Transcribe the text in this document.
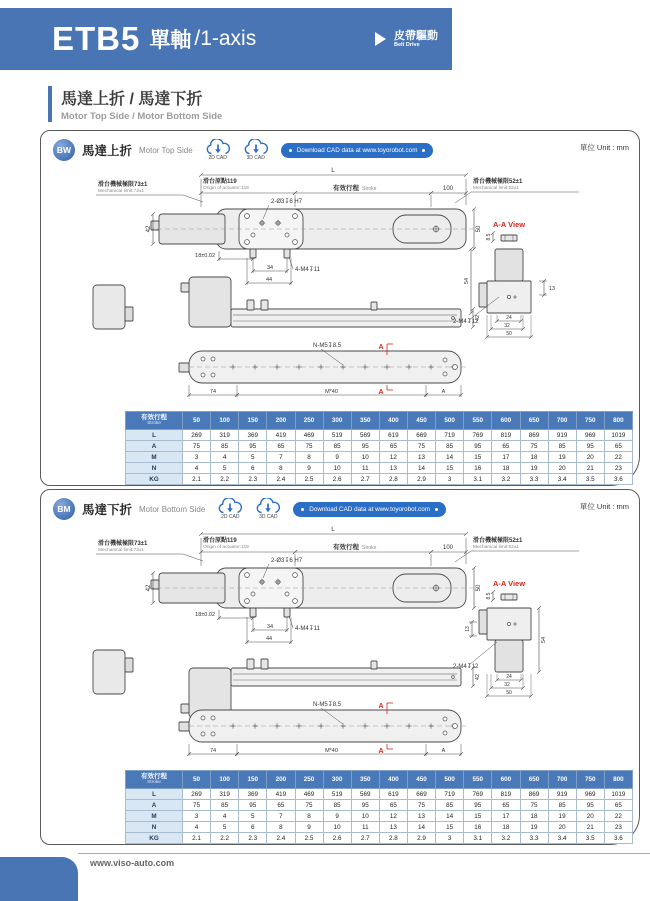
ETB5 單軸 /1-axis	皮帶驅動
Belt Drive
馬達上折 / 馬達下折
Motor Top Side / Motor Bottom Side
BW 馬達上折 Motor Top Side
2D CAD	3D CAD
Download CAD data at www.toyorobot.com	單位 Unit : mm
L
滑台原點119
Origin of actuator:119	有效行程 Stroke	100
滑台機械極限73±1
Mechanical limit:73±1
滑台機械極限52±1
Mechanical limit:52±1
42	50
2-Ø3↧6 H7
18±0.02
34
44
4-M4↧11
42
N-M5↧8.5	A
A
74	M*40	A
A-A View
8.5
54
13
2-M4↧12
24
32
50
有效行程
Stroke	50	100	150	200	250	300	350	400	450	500	550	600	650	700	750	800
L	269	319	369	419	469	519	569	619	669	719	769	819	869	919	969	1019
A	75	85	95	65	75	85	95	65	75	85	95	65	75	85	95	65
M	3	4	5	7	8	9	10	12	13	14	15	17	18	19	20	22
N	4	5	6	8	9	10	11	13	14	15	16	18	19	20	21	23
KG	2.1	2.2	2.3	2.4	2.5	2.6	2.7	2.8	2.9	3	3.1	3.2	3.3	3.4	3.5	3.6
BM 馬達下折 Motor Bottom Side
2D CAD	3D CAD
Download CAD data at www.toyorobot.com	單位 Unit : mm
L
滑台原點119
Origin of actuator:119	有效行程 Stroke	100
滑台機械極限73±1
Mechanical limit:73±1
滑台機械極限52±1
Mechanical limit:52±1
42	50
2-Ø3↧6 H7
18±0.02
34
44
4-M4↧11
42
N-M5↧8.5	A
A
74	M*40	A
A-A View
8.5
54
13
2-M4↧12
24
32
50
有效行程
Stroke	50	100	150	200	250	300	350	400	450	500	550	600	650	700	750	800
L	269	319	369	419	469	519	569	619	669	719	769	819	869	919	969	1019
A	75	85	95	65	75	85	95	65	75	85	95	65	75	85	95	65
M	3	4	5	7	8	9	10	12	13	14	15	17	18	19	20	22
N	4	5	6	8	9	10	11	13	14	15	16	18	19	20	21	23
KG	2.1	2.2	2.3	2.4	2.5	2.6	2.7	2.8	2.9	3	3.1	3.2	3.3	3.4	3.5	3.6
www.viso-auto.com
